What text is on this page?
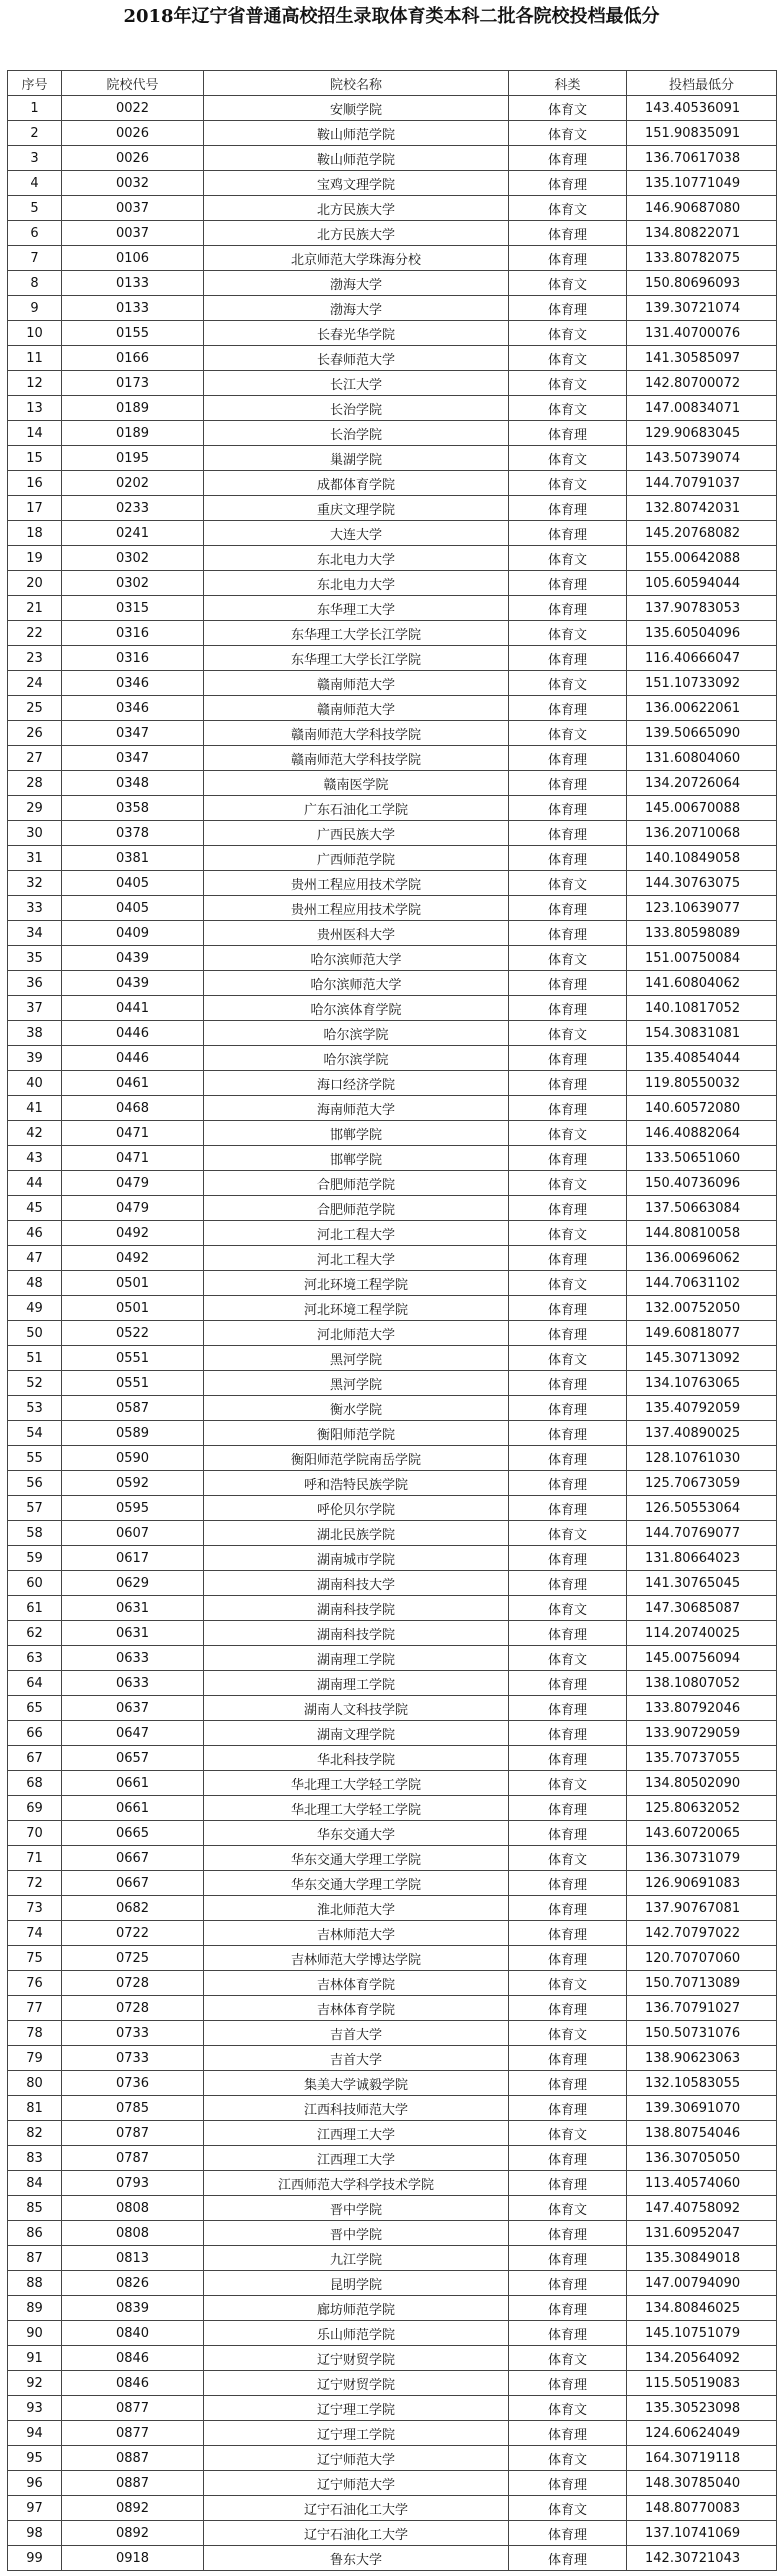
2018年辽宁省普通高校招生录取体育类本科二批各院校投档最低分
序号	院校代号	院校名称	科类	投档最低分
1	0022	安顺学院	体育文	143.40536091
2	0026	鞍山师范学院	体育文	151.90835091
3	0026	鞍山师范学院	体育理	136.70617038
4	0032	宝鸡文理学院	体育理	135.10771049
5	0037	北方民族大学	体育文	146.90687080
6	0037	北方民族大学	体育理	134.80822071
7	0106	北京师范大学珠海分校	体育理	133.80782075
8	0133	渤海大学	体育文	150.80696093
9	0133	渤海大学	体育理	139.30721074
10	0155	长春光华学院	体育文	131.40700076
11	0166	长春师范大学	体育文	141.30585097
12	0173	长江大学	体育文	142.80700072
13	0189	长治学院	体育文	147.00834071
14	0189	长治学院	体育理	129.90683045
15	0195	巢湖学院	体育文	143.50739074
16	0202	成都体育学院	体育文	144.70791037
17	0233	重庆文理学院	体育理	132.80742031
18	0241	大连大学	体育理	145.20768082
19	0302	东北电力大学	体育文	155.00642088
20	0302	东北电力大学	体育理	105.60594044
21	0315	东华理工大学	体育理	137.90783053
22	0316	东华理工大学长江学院	体育文	135.60504096
23	0316	东华理工大学长江学院	体育理	116.40666047
24	0346	赣南师范大学	体育文	151.10733092
25	0346	赣南师范大学	体育理	136.00622061
26	0347	赣南师范大学科技学院	体育文	139.50665090
27	0347	赣南师范大学科技学院	体育理	131.60804060
28	0348	赣南医学院	体育理	134.20726064
29	0358	广东石油化工学院	体育理	145.00670088
30	0378	广西民族大学	体育理	136.20710068
31	0381	广西师范学院	体育理	140.10849058
32	0405	贵州工程应用技术学院	体育文	144.30763075
33	0405	贵州工程应用技术学院	体育理	123.10639077
34	0409	贵州医科大学	体育理	133.80598089
35	0439	哈尔滨师范大学	体育文	151.00750084
36	0439	哈尔滨师范大学	体育理	141.60804062
37	0441	哈尔滨体育学院	体育理	140.10817052
38	0446	哈尔滨学院	体育文	154.30831081
39	0446	哈尔滨学院	体育理	135.40854044
40	0461	海口经济学院	体育理	119.80550032
41	0468	海南师范大学	体育理	140.60572080
42	0471	邯郸学院	体育文	146.40882064
43	0471	邯郸学院	体育理	133.50651060
44	0479	合肥师范学院	体育文	150.40736096
45	0479	合肥师范学院	体育理	137.50663084
46	0492	河北工程大学	体育文	144.80810058
47	0492	河北工程大学	体育理	136.00696062
48	0501	河北环境工程学院	体育文	144.70631102
49	0501	河北环境工程学院	体育理	132.00752050
50	0522	河北师范大学	体育理	149.60818077
51	0551	黑河学院	体育文	145.30713092
52	0551	黑河学院	体育理	134.10763065
53	0587	衡水学院	体育理	135.40792059
54	0589	衡阳师范学院	体育理	137.40890025
55	0590	衡阳师范学院南岳学院	体育理	128.10761030
56	0592	呼和浩特民族学院	体育理	125.70673059
57	0595	呼伦贝尔学院	体育理	126.50553064
58	0607	湖北民族学院	体育文	144.70769077
59	0617	湖南城市学院	体育理	131.80664023
60	0629	湖南科技大学	体育理	141.30765045
61	0631	湖南科技学院	体育文	147.30685087
62	0631	湖南科技学院	体育理	114.20740025
63	0633	湖南理工学院	体育文	145.00756094
64	0633	湖南理工学院	体育理	138.10807052
65	0637	湖南人文科技学院	体育理	133.80792046
66	0647	湖南文理学院	体育理	133.90729059
67	0657	华北科技学院	体育理	135.70737055
68	0661	华北理工大学轻工学院	体育文	134.80502090
69	0661	华北理工大学轻工学院	体育理	125.80632052
70	0665	华东交通大学	体育理	143.60720065
71	0667	华东交通大学理工学院	体育文	136.30731079
72	0667	华东交通大学理工学院	体育理	126.90691083
73	0682	淮北师范大学	体育理	137.90767081
74	0722	吉林师范大学	体育理	142.70797022
75	0725	吉林师范大学博达学院	体育理	120.70707060
76	0728	吉林体育学院	体育文	150.70713089
77	0728	吉林体育学院	体育理	136.70791027
78	0733	吉首大学	体育文	150.50731076
79	0733	吉首大学	体育理	138.90623063
80	0736	集美大学诚毅学院	体育理	132.10583055
81	0785	江西科技师范大学	体育理	139.30691070
82	0787	江西理工大学	体育文	138.80754046
83	0787	江西理工大学	体育理	136.30705050
84	0793	江西师范大学科学技术学院	体育理	113.40574060
85	0808	晋中学院	体育文	147.40758092
86	0808	晋中学院	体育理	131.60952047
87	0813	九江学院	体育理	135.30849018
88	0826	昆明学院	体育理	147.00794090
89	0839	廊坊师范学院	体育理	134.80846025
90	0840	乐山师范学院	体育理	145.10751079
91	0846	辽宁财贸学院	体育文	134.20564092
92	0846	辽宁财贸学院	体育理	115.50519083
93	0877	辽宁理工学院	体育文	135.30523098
94	0877	辽宁理工学院	体育理	124.60624049
95	0887	辽宁师范大学	体育文	164.30719118
96	0887	辽宁师范大学	体育理	148.30785040
97	0892	辽宁石油化工大学	体育文	148.80770083
98	0892	辽宁石油化工大学	体育理	137.10741069
99	0918	鲁东大学	体育理	142.30721043
